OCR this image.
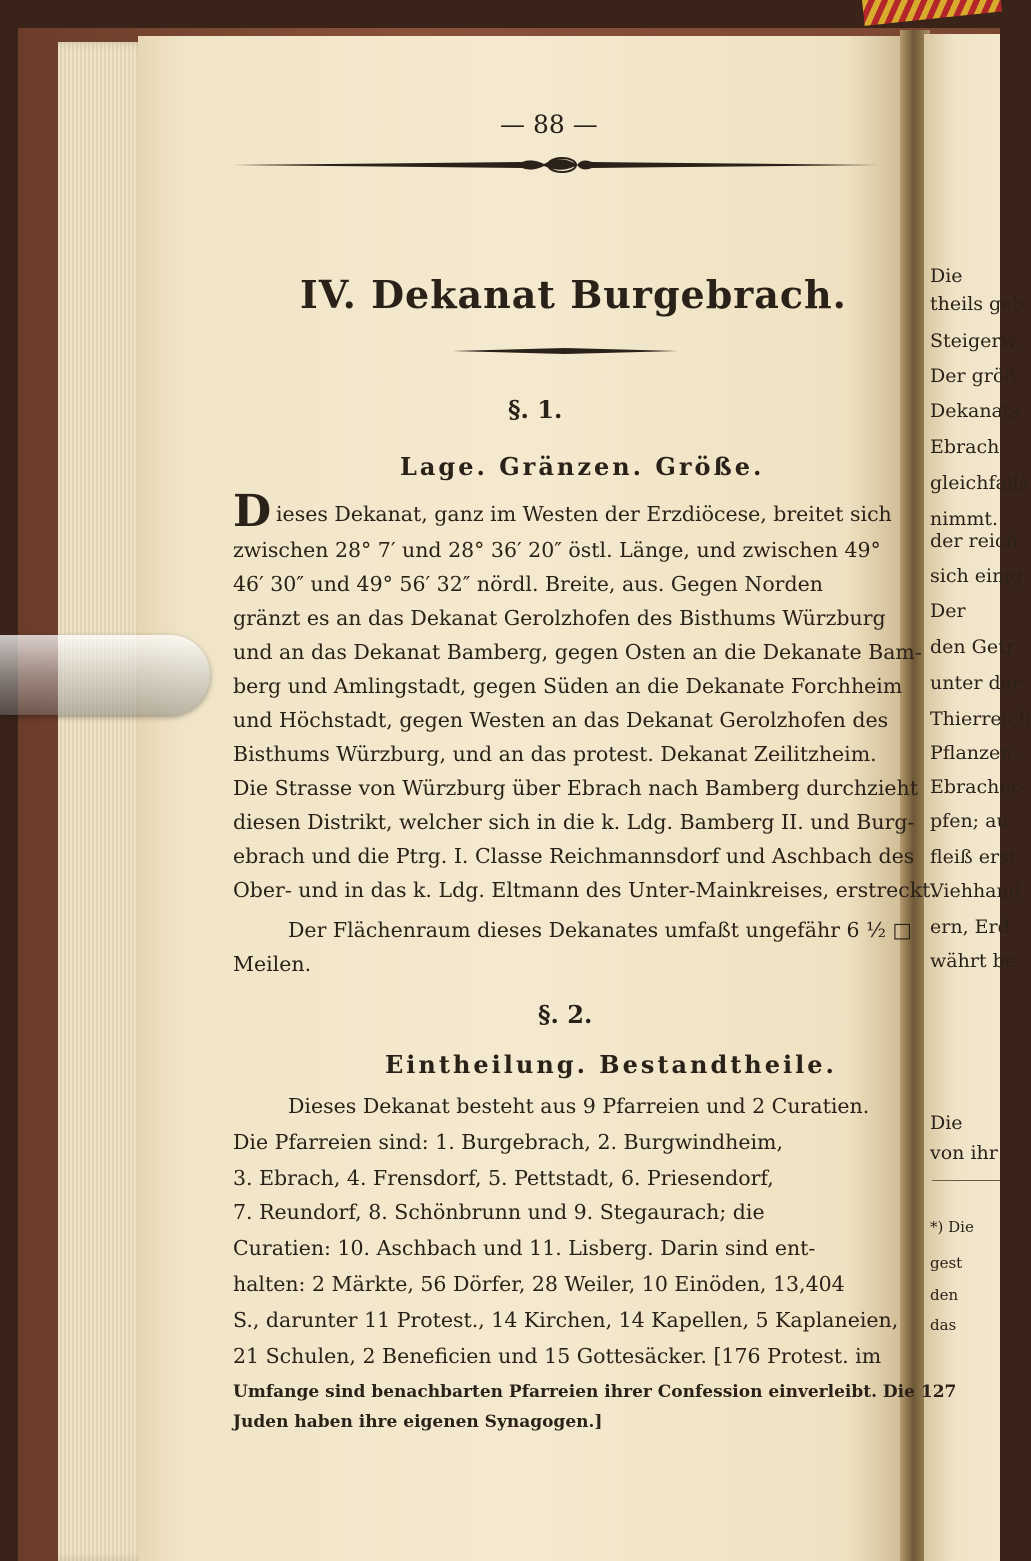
— 88 —
IV. Dekanat Burgebrach.
§. 1.
Lage. Gränzen. Größe.
D ieses Dekanat, ganz im Westen der Erzdiöcese, breitet sich
zwischen 28° 7′ und 28° 36′ 20″ östl. Länge, und zwischen 49°
46′ 30″ und 49° 56′ 32″ nördl. Breite, aus. Gegen Norden
gränzt es an das Dekanat Gerolzhofen des Bisthums Würzburg
und an das Dekanat Bamberg, gegen Osten an die Dekanate Bam-
berg und Amlingstadt, gegen Süden an die Dekanate Forchheim
und Höchstadt, gegen Westen an das Dekanat Gerolzhofen des
Bisthums Würzburg, und an das protest. Dekanat Zeilitzheim.
Die Strasse von Würzburg über Ebrach nach Bamberg durchzieht
diesen Distrikt, welcher sich in die k. Ldg. Bamberg II. und Burg-
ebrach und die Ptrg. I. Classe Reichmannsdorf und Aschbach des
Ober- und in das k. Ldg. Eltmann des Unter-Mainkreises, erstreckt.
Der Flächenraum dieses Dekanates umfaßt ungefähr 6 ½ □
Meilen.
§. 2.
Eintheilung. Bestandtheile.
Dieses Dekanat besteht aus 9 Pfarreien und 2 Curatien.
Die Pfarreien sind: 1. Burgebrach, 2. Burgwindheim,
3. Ebrach, 4. Frensdorf, 5. Pettstadt, 6. Priesendorf,
7. Reundorf, 8. Schönbrunn und 9. Stegaurach; die
Curatien: 10. Aschbach und 11. Lisberg. Darin sind ent-
halten: 2 Märkte, 56 Dörfer, 28 Weiler, 10 Einöden, 13,404
S., darunter 11 Protest., 14 Kirchen, 14 Kapellen, 5 Kaplaneien,
21 Schulen, 2 Beneficien und 15 Gottesäcker. [176 Protest. im
Umfange sind benachbarten Pfarreien ihrer Confession einverleibt. Die 127
Juden haben ihre eigenen Synagogen.]
Die
theils geb
Steigerw.
Der größ
Dekanats
Ebrach
gleichfalls
nimmt.
der reich
sich einig
Der
den Getr
unter der
Thierreich
Pflanzen:
Ebracher-
pfen; au
fleiß erst
Viehhand
ern, Erd
währt be
Die
von ihr
*) Die
gest
den
das
